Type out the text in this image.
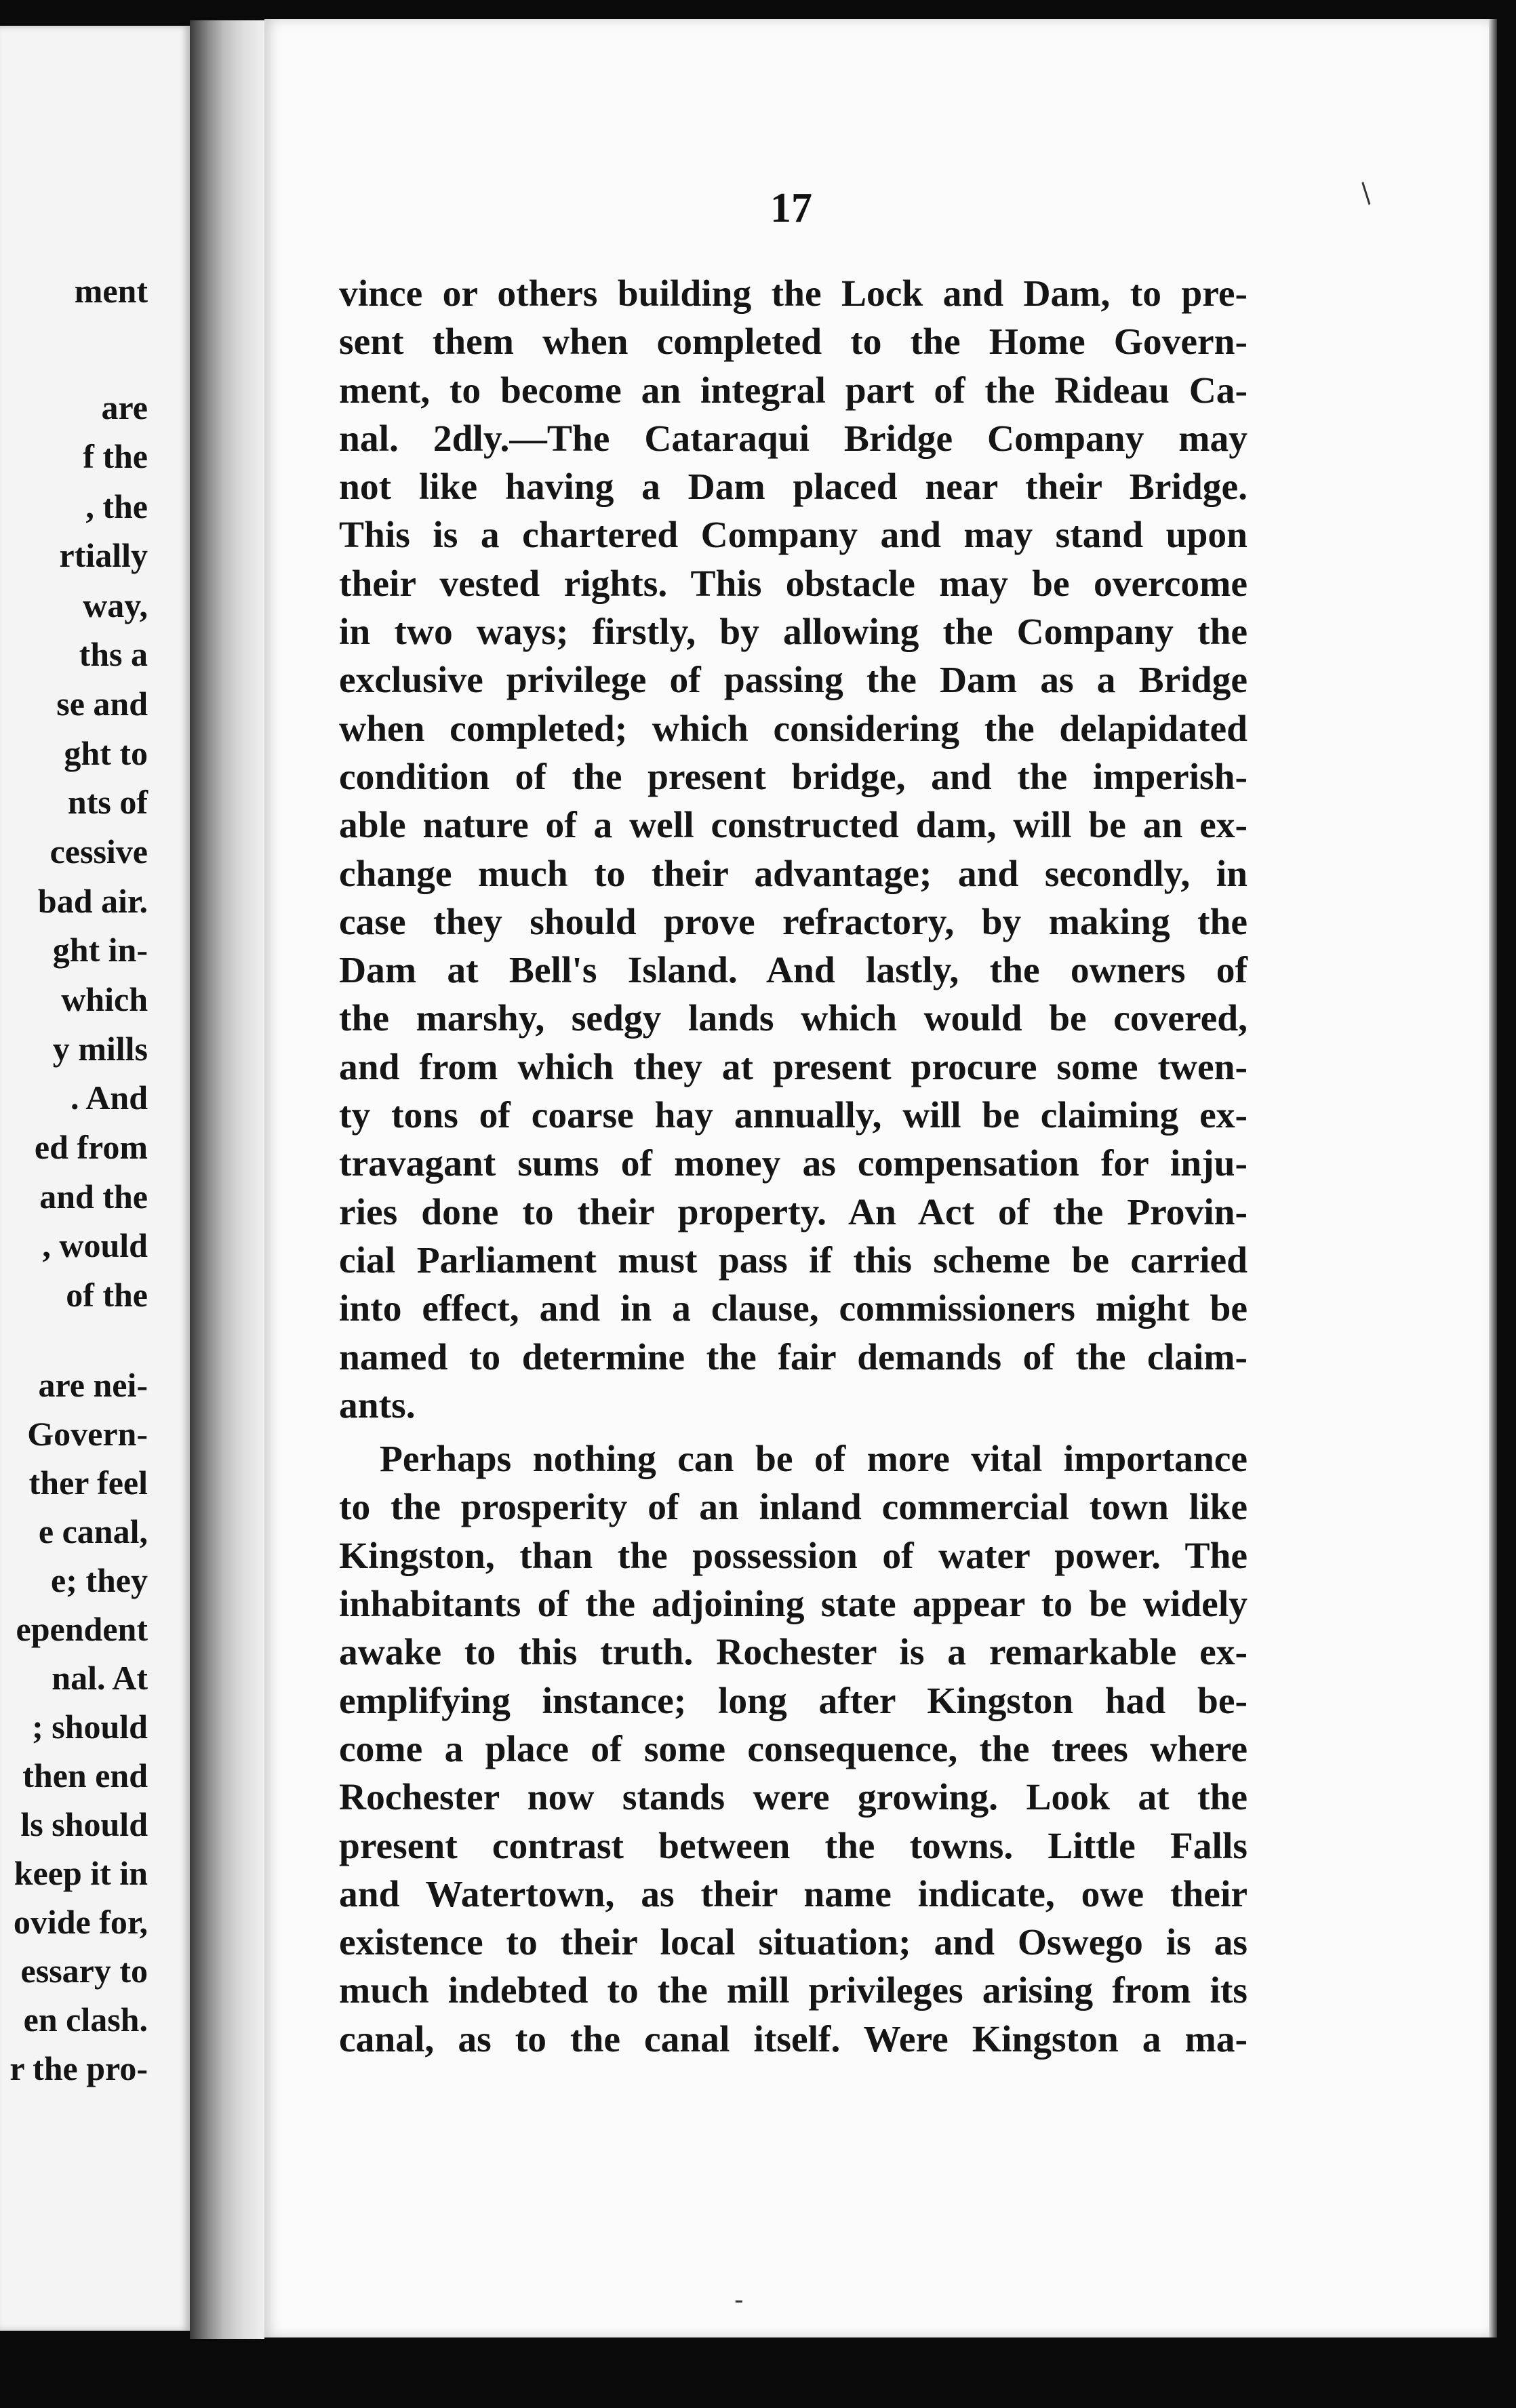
ment
are
f the
, the
rtially
way,
ths a
se and
ght to
nts of
cessive
bad air.
ght in-
which
y mills
. And
ed from
and the
, would
of the
are nei-
Govern-
ther feel
e canal,
e; they
ependent
nal. At
; should
then end
ls should
keep it in
ovide for,
essary to
en clash.
r the pro-
17
vince or others building the Lock and Dam, to pre-
sent them when completed to the Home Govern-
ment, to become an integral part of the Rideau Ca-
nal. 2dly.—The Cataraqui Bridge Company may
not like having a Dam placed near their Bridge.
This is a chartered Company and may stand upon
their vested rights. This obstacle may be overcome
in two ways; firstly, by allowing the Company the
exclusive privilege of passing the Dam as a Bridge
when completed; which considering the delapidated
condition of the present bridge, and the imperish-
able nature of a well constructed dam, will be an ex-
change much to their advantage; and secondly, in
case they should prove refractory, by making the
Dam at Bell's Island. And lastly, the owners of
the marshy, sedgy lands which would be covered,
and from which they at present procure some twen-
ty tons of coarse hay annually, will be claiming ex-
travagant sums of money as compensation for inju-
ries done to their property. An Act of the Provin-
cial Parliament must pass if this scheme be carried
into effect, and in a clause, commissioners might be
named to determine the fair demands of the claim-
ants.
Perhaps nothing can be of more vital importance
to the prosperity of an inland commercial town like
Kingston, than the possession of water power. The
inhabitants of the adjoining state appear to be widely
awake to this truth. Rochester is a remarkable ex-
emplifying instance; long after Kingston had be-
come a place of some consequence, the trees where
Rochester now stands were growing. Look at the
present contrast between the towns. Little Falls
and Watertown, as their name indicate, owe their
existence to their local situation; and Oswego is as
much indebted to the mill privileges arising from its
canal, as to the canal itself. Were Kingston a ma-
/
-
